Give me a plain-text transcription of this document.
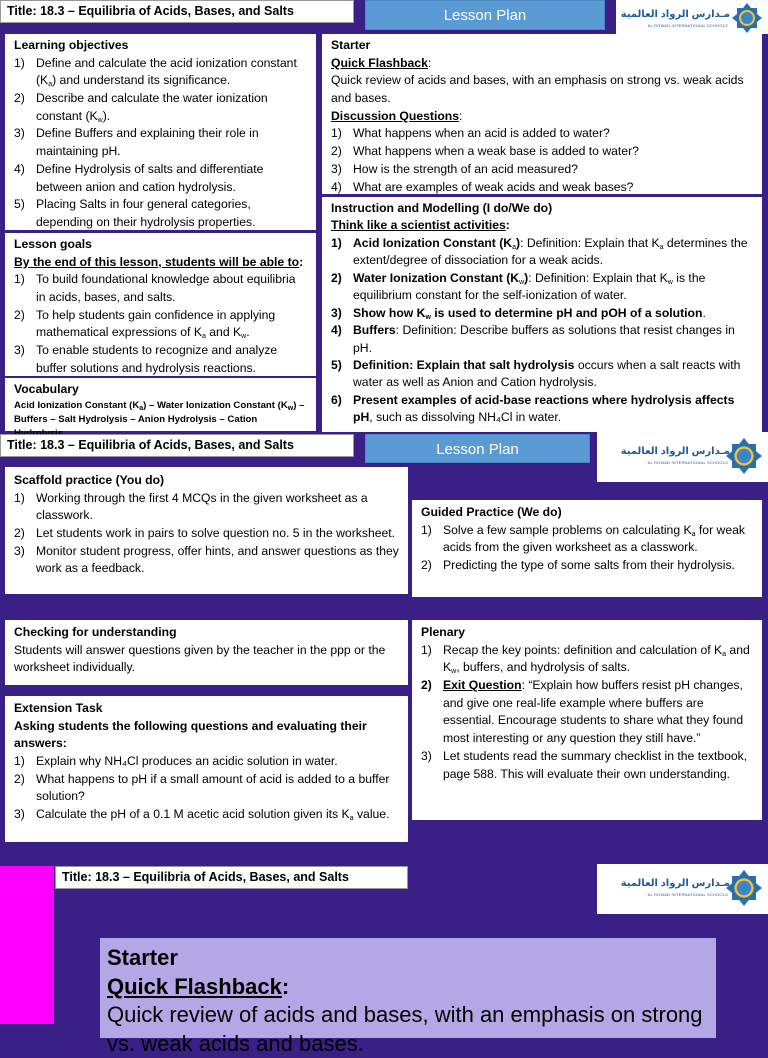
Title: 18.3 – Equilibria of Acids, Bases, and Salts	Lesson Plan	مـدارس الرواد العالمية
AL ROWAD INTERNATIONAL SCHOOLS
Learning objectives
1) Define and calculate the acid ionization constant $(K_a)$ and understand its significance.
2) Describe and calculate the water ionization constant $(K_w)$.
3) Define Buffers and explaining their role in maintaining pH.
4) Define Hydrolysis of salts and differentiate between anion and cation hydrolysis.
5) Placing Salts in four general categories, depending on their hydrolysis properties.
Lesson goals
By the end of this lesson, students will be able to:
1) To build foundational knowledge about equilibria in acids, bases, and salts.
2) To help students gain confidence in applying mathematical expressions of $K_a$ and $K_w$.
3) To enable students to recognize and analyze buffer solutions and hydrolysis reactions.
Vocabulary
Acid Ionization Constant $(K_a)$ – Water Ionization Constant $(K_w)$ – Buffers – Salt Hydrolysis – Anion Hydrolysis – Cation
Starter
Quick Flashback:
Quick review of acids and bases, with an emphasis on strong vs. weak acids and bases.
Discussion Questions:
1) What happens when an acid is added to water?
2) What happens when a weak base is added to water?
3) How is the strength of an acid measured?
4) What are examples of weak acids and weak bases?
Instruction and Modelling (I do/We do)
Think like a scientist activities:
1) Acid Ionization Constant $(K_a)$: Definition: Explain that $K_a$ determines the extent/degree of dissociation for a weak acids.
2) Water Ionization Constant $(K_w)$: Definition: Explain that $K_w$ is the equilibrium constant for the self-ionization of water.
3) Show how $K_w$ is used to determine pH and pOH of a solution.
4) Buffers: Definition: Describe buffers as solutions that resist changes in pH.
5) Definition: Explain that salt hydrolysis occurs when a salt reacts with water as well as Anion and Cation hydrolysis.
6) Present examples of acid-base reactions where hydrolysis affects pH, such as dissolving NH₄Cl in water.
Title: 18.3 – Equilibria of Acids, Bases, and Salts	Lesson Plan	مـدارس الرواد العالمية
AL ROWAD INTERNATIONAL SCHOOLS
Scaffold practice (You do)
1) Working through the first 4 MCQs in the given worksheet as a classwork.
2) Let students work in pairs to solve question no. 5 in the worksheet.
3) Monitor student progress, offer hints, and answer questions as they work as a feedback.
Guided Practice (We do)
1) Solve a few sample problems on calculating $K_a$ for weak acids from the given worksheet as a classwork.
2) Predicting the type of some salts from their hydrolysis.
Checking for understanding
Students will answer questions given by the teacher in the ppp or the worksheet individually.
Plenary
1) Recap the key points: definition and calculation of $K_a$ and $K_w$, buffers, and hydrolysis of salts.
2) Exit Question: “Explain how buffers resist pH changes, and give one real-life example where buffers are essential. Encourage students to share what they found most interesting or any question they still have.”
3) Let students read the summary checklist in the textbook, page 588. This will evaluate their own understanding.
Extension Task
Asking students the following questions and evaluating their answers:
1) Explain why NH₄Cl produces an acidic solution in water.
2) What happens to pH if a small amount of acid is added to a buffer solution?
3) Calculate the pH of a 0.1 M acetic acid solution given its $K_a$ value.
Title: 18.3 – Equilibria of Acids, Bases, and Salts	مـدارس الرواد العالمية
AL ROWAD INTERNATIONAL SCHOOLS
Starter
Quick Flashback:
Quick review of acids and bases, with an emphasis on strong vs. weak acids and bases.
